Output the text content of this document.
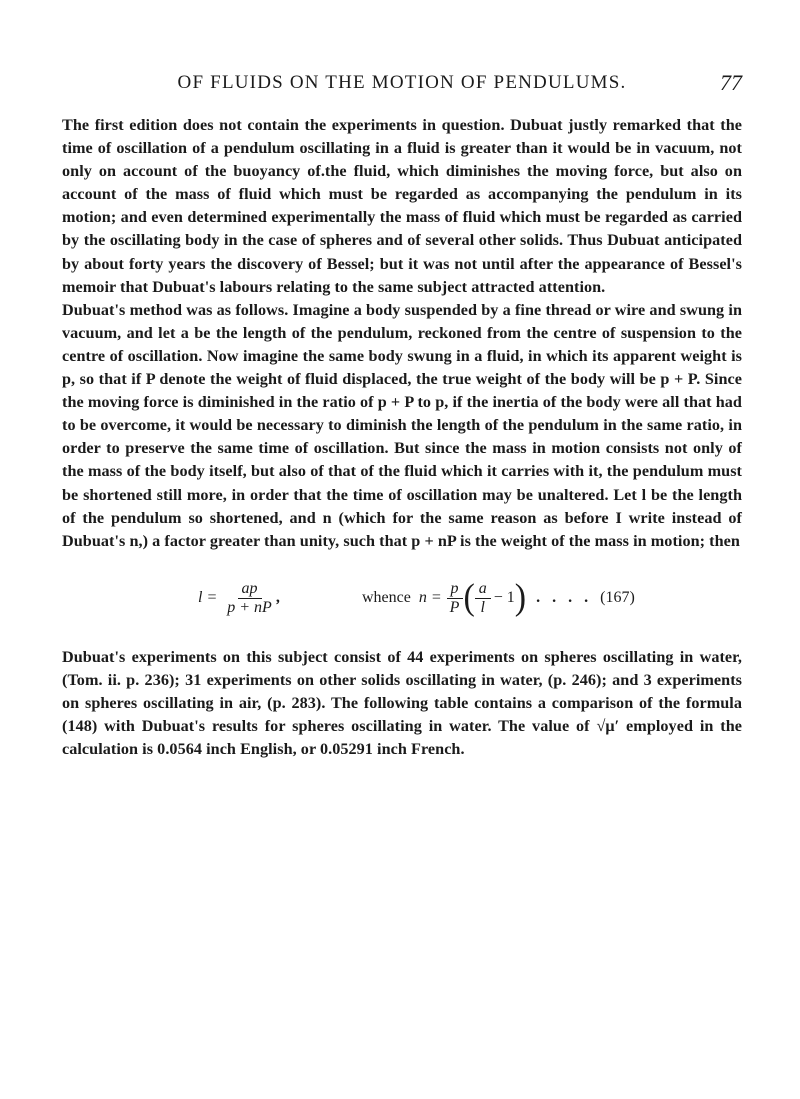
OF FLUIDS ON THE MOTION OF PENDULUMS.	77

The first edition does not contain the experiments in question. Dubuat justly remarked that the time of oscillation of a pendulum oscillating in a fluid is greater than it would be in vacuum, not only on account of the buoyancy of.the fluid, which diminishes the moving force, but also on account of the mass of fluid which must be regarded as accompanying the pendulum in its motion; and even determined experimentally the mass of fluid which must be regarded as carried by the oscillating body in the case of spheres and of several other solids. Thus Dubuat anticipated by about forty years the discovery of Bessel; but it was not until after the appearance of Bessel's memoir that Dubuat's labours relating to the same subject attracted attention.

Dubuat's method was as follows. Imagine a body suspended by a fine thread or wire and swung in vacuum, and let a be the length of the pendulum, reckoned from the centre of suspension to the centre of oscillation. Now imagine the same body swung in a fluid, in which its apparent weight is p, so that if P denote the weight of fluid displaced, the true weight of the body will be p + P. Since the moving force is diminished in the ratio of p + P to p, if the inertia of the body were all that had to be overcome, it would be necessary to diminish the length of the pendulum in the same ratio, in order to preserve the same time of oscillation. But since the mass in motion consists not only of the mass of the body itself, but also of that of the fluid which it carries with it, the pendulum must be shortened still more, in order that the time of oscillation may be unaltered. Let l be the length of the pendulum so shortened, and n (which for the same reason as before I write instead of Dubuat's n,) a factor greater than unity, such that p + nP is the weight of the mass in motion; then

$l = \frac{ap}{p + nP}$ ,	whence $n = \frac{p}{P}$ ( $\frac{a}{l} - 1$ ) . . . . (167)

Dubuat's experiments on this subject consist of 44 experiments on spheres oscillating in water, (Tom. ii. p. 236); 31 experiments on other solids oscillating in water, (p. 246); and 3 experiments on spheres oscillating in air, (p. 283). The following table contains a comparison of the formula (148) with Dubuat's results for spheres oscillating in water. The value of √μ′ employed in the calculation is 0.0564 inch English, or 0.05291 inch French.
